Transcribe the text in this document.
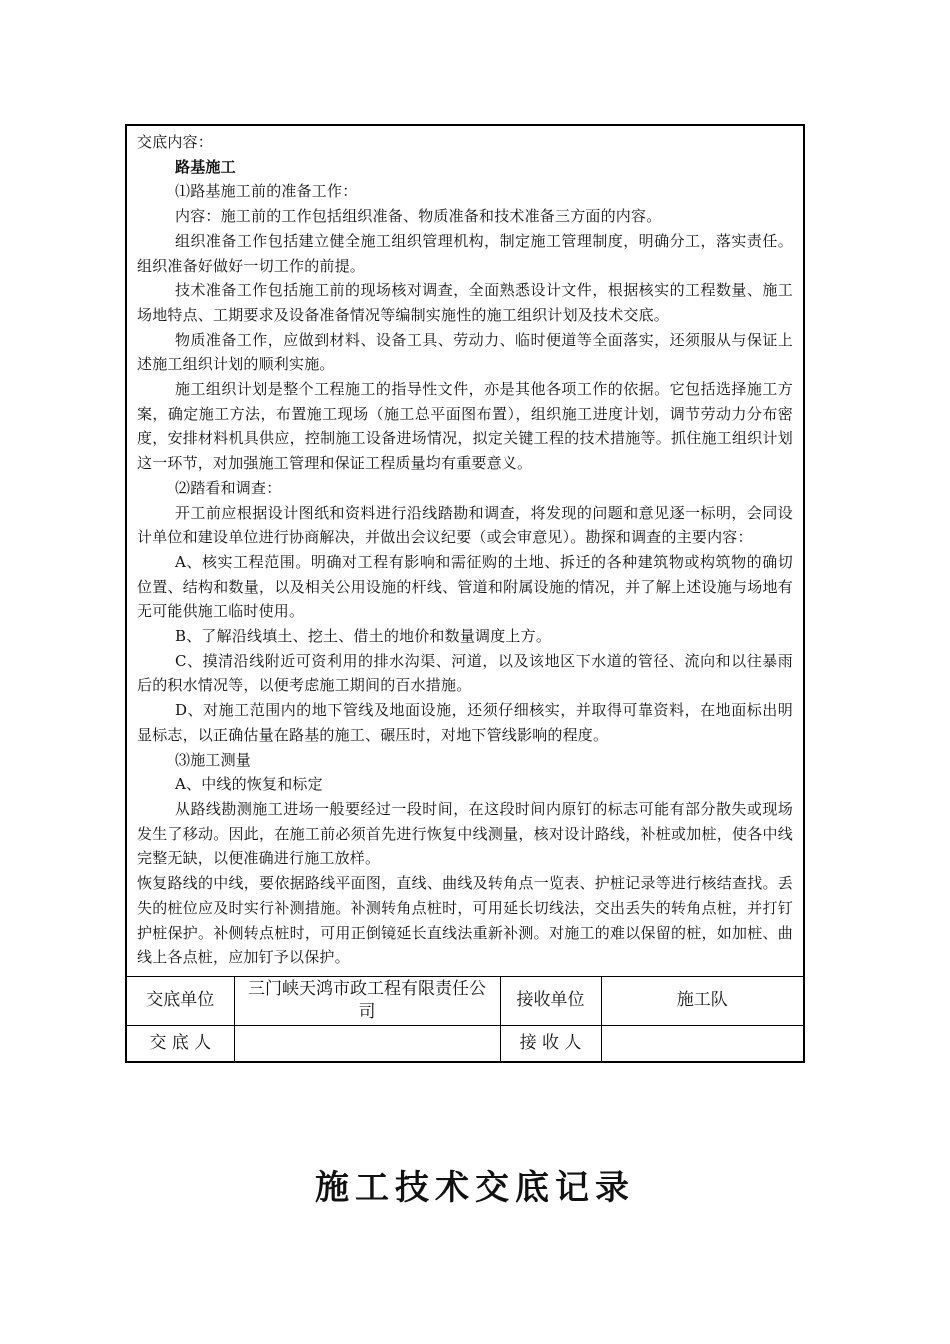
交底内容：

路基施工

⑴路基施工前的准备工作：

内容：施工前的工作包括组织准备、物质准备和技术准备三方面的内容。

组织准备工作包括建立健全施工组织管理机构，制定施工管理制度，明确分工，落实责任。组织准备好做好一切工作的前提。

技术准备工作包括施工前的现场核对调查，全面熟悉设计文件，根据核实的工程数量、施工场地特点、工期要求及设备准备情况等编制实施性的施工组织计划及技术交底。

物质准备工作，应做到材料、设备工具、劳动力、临时便道等全面落实，还须服从与保证上述施工组织计划的顺利实施。

施工组织计划是整个工程施工的指导性文件，亦是其他各项工作的依据。它包括选择施工方案，确定施工方法，布置施工现场（施工总平面图布置），组织施工进度计划，调节劳动力分布密度，安排材料机具供应，控制施工设备进场情况，拟定关键工程的技术措施等。抓住施工组织计划这一环节，对加强施工管理和保证工程质量均有重要意义。

⑵踏看和调查：

开工前应根据设计图纸和资料进行沿线踏勘和调查，将发现的问题和意见逐一标明，会同设计单位和建设单位进行协商解决，并做出会议纪要（或会审意见）。勘探和调查的主要内容：

A、核实工程范围。明确对工程有影响和需征购的土地、拆迁的各种建筑物或构筑物的确切位置、结构和数量，以及相关公用设施的杆线、管道和附属设施的情况，并了解上述设施与场地有无可能供施工临时使用。

B、了解沿线填土、挖土、借土的地价和数量调度上方。

C、摸清沿线附近可资利用的排水沟渠、河道，以及该地区下水道的管径、流向和以往暴雨后的积水情况等，以便考虑施工期间的百水措施。

D、对施工范围内的地下管线及地面设施，还须仔细核实，并取得可靠资料，在地面标出明显标志，以正确估量在路基的施工、碾压时，对地下管线影响的程度。

⑶施工测量

A、中线的恢复和标定

从路线勘测施工进场一般要经过一段时间，在这段时间内原钉的标志可能有部分散失或现场发生了移动。因此，在施工前必须首先进行恢复中线测量，核对设计路线，补桩或加桩，使各中线完整无缺，以便准确进行施工放样。

恢复路线的中线，要依据路线平面图，直线、曲线及转角点一览表、护桩记录等进行核结查找。丢失的桩位应及时实行补测措施。补测转角点桩时，可用延长切线法，交出丢失的转角点桩，并打钉护桩保护。补侧转点桩时，可用正倒镜延长直线法重新补测。对施工的难以保留的桩，如加桩、曲线上各点桩，应加钉予以保护。

交底单位	三门峡天鸿市政工程有限责任公司	接收单位	施工队
交 底 人		接 收 人	
施工技术交底记录
